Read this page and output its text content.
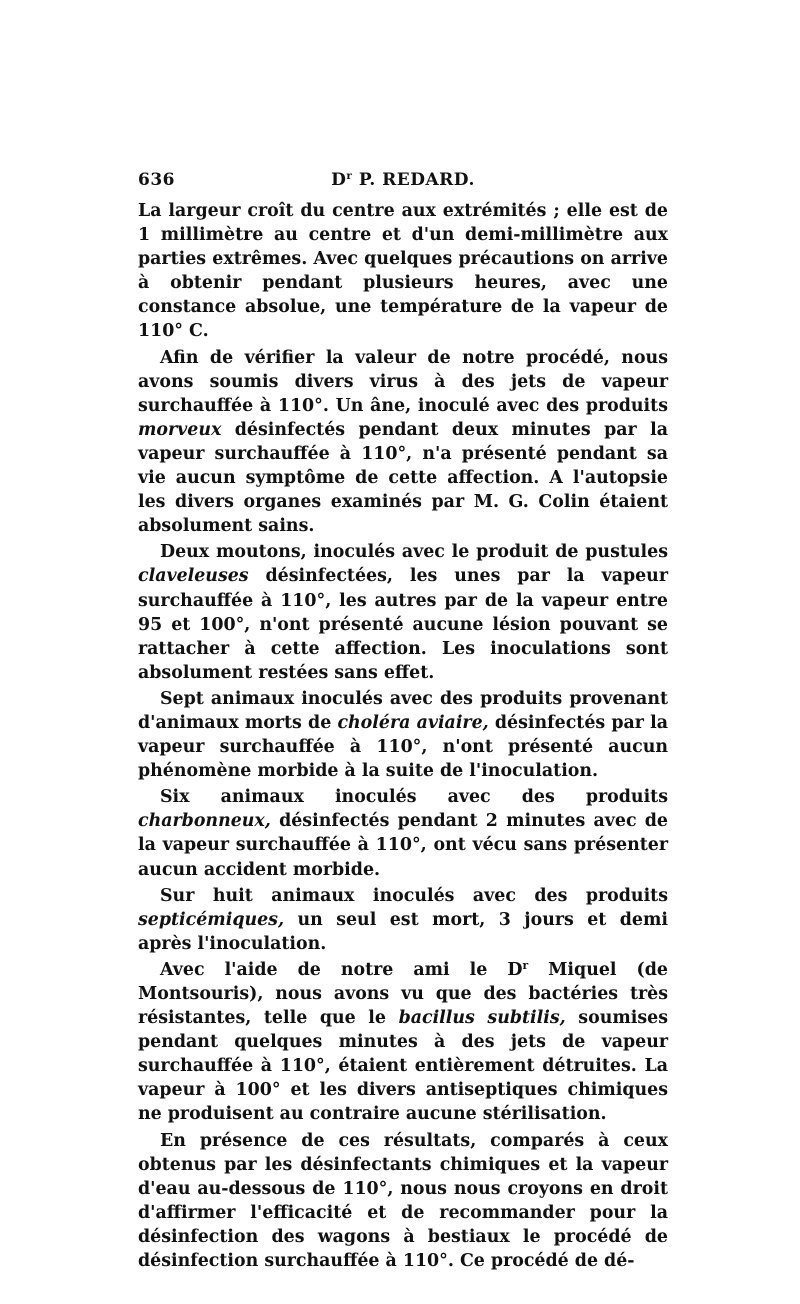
636	$D^r$ P. REDARD.

La largeur croît du centre aux extrémités ; elle est de 1 millimètre au centre et d'un demi-millimètre aux parties extrêmes. Avec quelques précautions on arrive à obtenir pendant plusieurs heures, avec une constance absolue, une température de la vapeur de 110° C.

Afin de vérifier la valeur de notre procédé, nous avons soumis divers virus à des jets de vapeur surchauffée à 110°. Un âne, inoculé avec des produits morveux désinfectés pendant deux minutes par la vapeur surchauffée à 110°, n'a présenté pendant sa vie aucun symptôme de cette affection. A l'autopsie les divers organes examinés par M. G. Colin étaient absolument sains.

Deux moutons, inoculés avec le produit de pustules claveleuses désinfectées, les unes par la vapeur surchauffée à 110°, les autres par de la vapeur entre 95 et 100°, n'ont présenté aucune lésion pouvant se rattacher à cette affection. Les inoculations sont absolument restées sans effet.

Sept animaux inoculés avec des produits provenant d'animaux morts de choléra aviaire, désinfectés par la vapeur surchauffée à 110°, n'ont présenté aucun phénomène morbide à la suite de l'inoculation.

Six animaux inoculés avec des produits charbonneux, désinfectés pendant 2 minutes avec de la vapeur surchauffée à 110°, ont vécu sans présenter aucun accident morbide.

Sur huit animaux inoculés avec des produits septicémiques, un seul est mort, 3 jours et demi après l'inoculation.

Avec l'aide de notre ami le $D^r$ Miquel (de Montsouris), nous avons vu que des bactéries très résistantes, telle que le bacillus subtilis, soumises pendant quelques minutes à des jets de vapeur surchauffée à 110°, étaient entièrement détruites. La vapeur à 100° et les divers antiseptiques chimiques ne produisent au contraire aucune stérilisation.

En présence de ces résultats, comparés à ceux obtenus par les désinfectants chimiques et la vapeur d'eau au-dessous de 110°, nous nous croyons en droit d'affirmer l'efficacité et de recommander pour la désinfection des wagons à bestiaux le procédé de désinfection surchauffée à 110°. Ce procédé de dé-
